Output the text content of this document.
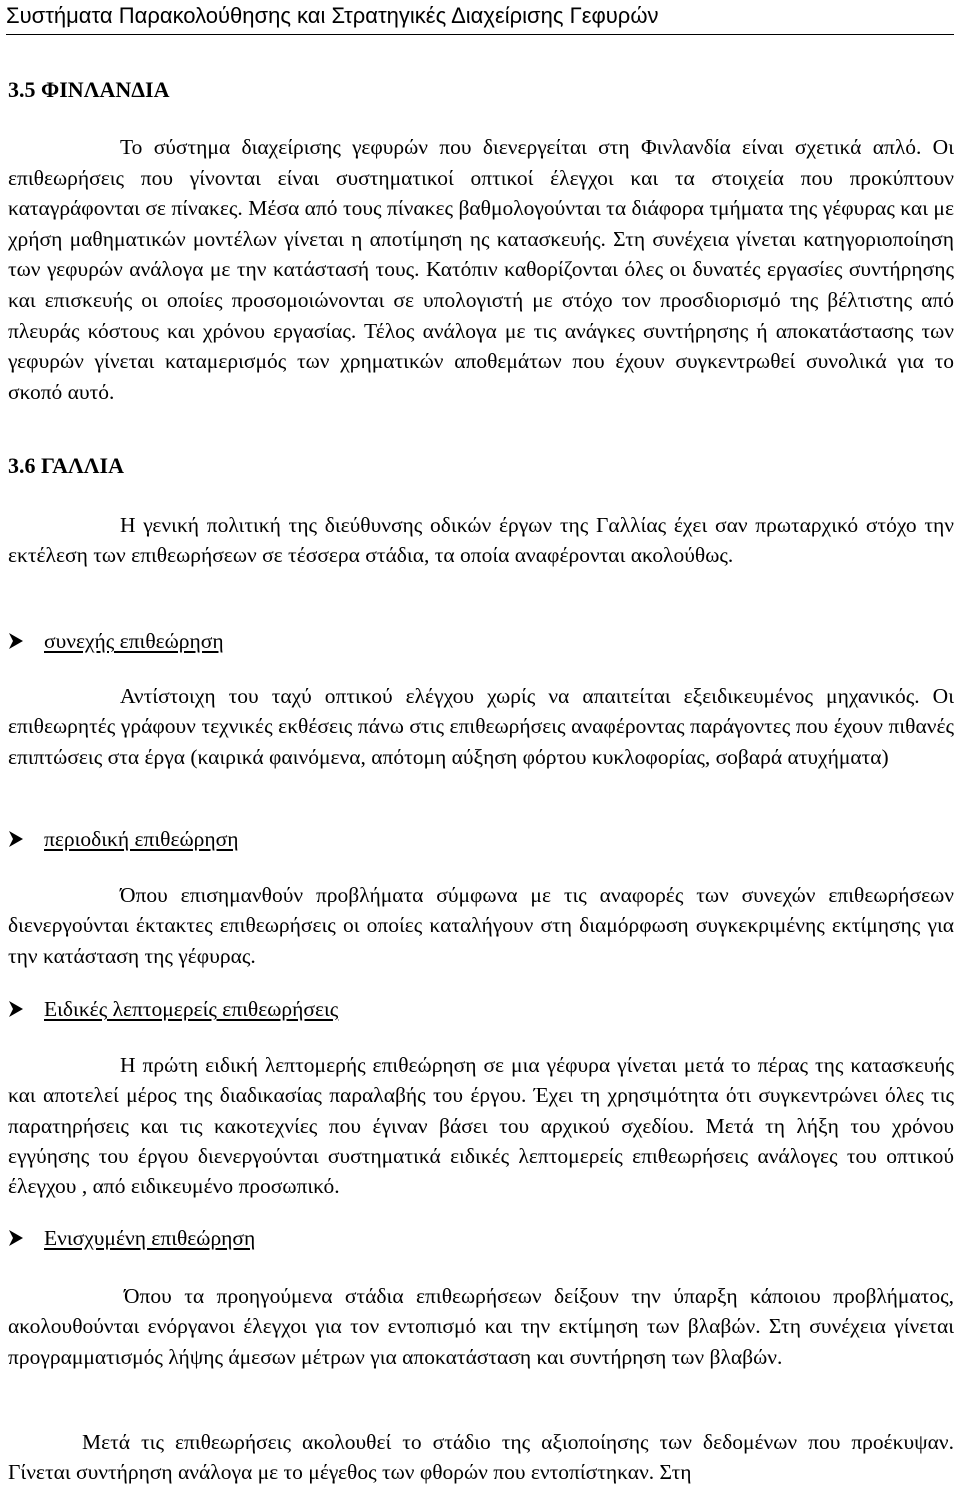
Συστήματα Παρακολούθησης και Στρατηγικές Διαχείρισης Γεφυρών
3.5 ΦΙΝΛΑΝΔΙΑ
Το σύστημα διαχείρισης γεφυρών που διενεργείται στη Φινλανδία είναι σχετικά απλό. Οι επιθεωρήσεις που γίνονται είναι συστηματικοί οπτικοί έλεγχοι και τα στοιχεία που προκύπτουν καταγράφονται σε πίνακες. Μέσα από τους πίνακες βαθμολογούνται τα διάφορα τμήματα της γέφυρας και με χρήση μαθηματικών μοντέλων γίνεται η αποτίμηση ης κατασκευής. Στη συνέχεια γίνεται κατηγοριοποίηση των γεφυρών ανάλογα με την κατάστασή τους. Κατόπιν καθορίζονται όλες οι δυνατές εργασίες συντήρησης και επισκευής οι οποίες προσομοιώνονται σε υπολογιστή με στόχο τον προσδιορισμό της βέλτιστης από πλευράς κόστους και χρόνου εργασίας. Τέλος ανάλογα με τις ανάγκες συντήρησης ή αποκατάστασης των γεφυρών γίνεται καταμερισμός των χρηματικών αποθεμάτων που έχουν συγκεντρωθεί συνολικά για το σκοπό αυτό.
3.6 ΓΑΛΛΙΑ
Η γενική πολιτική της διεύθυνσης οδικών έργων της Γαλλίας έχει σαν πρωταρχικό στόχο την εκτέλεση των επιθεωρήσεων σε τέσσερα στάδια, τα οποία αναφέρονται ακολούθως.
συνεχής επιθεώρηση
Αντίστοιχη του ταχύ οπτικού ελέγχου χωρίς να απαιτείται εξειδικευμένος μηχανικός. Οι επιθεωρητές γράφουν τεχνικές εκθέσεις πάνω στις επιθεωρήσεις αναφέροντας παράγοντες που έχουν πιθανές επιπτώσεις στα έργα (καιρικά φαινόμενα, απότομη αύξηση φόρτου κυκλοφορίας, σοβαρά ατυχήματα)
περιοδική επιθεώρηση
Όπου επισημανθούν προβλήματα σύμφωνα με τις αναφορές των συνεχών επιθεωρήσεων διενεργούνται έκτακτες επιθεωρήσεις οι οποίες καταλήγουν στη διαμόρφωση συγκεκριμένης εκτίμησης για την κατάσταση της γέφυρας.
Ειδικές λεπτομερείς επιθεωρήσεις
Η πρώτη ειδική λεπτομερής επιθεώρηση σε μια γέφυρα γίνεται μετά το πέρας της κατασκευής και αποτελεί μέρος της διαδικασίας παραλαβής του έργου. Έχει τη χρησιμότητα ότι συγκεντρώνει όλες τις παρατηρήσεις και τις κακοτεχνίες που έγιναν βάσει του αρχικού σχεδίου. Μετά τη λήξη του χρόνου εγγύησης του έργου διενεργούνται συστηματικά ειδικές λεπτομερείς επιθεωρήσεις ανάλογες του οπτικού έλεγχου , από ειδικευμένο προσωπικό.
Ενισχυμένη επιθεώρηση
Όπου τα προηγούμενα στάδια επιθεωρήσεων δείξουν την ύπαρξη κάποιου προβλήματος, ακολουθούνται ενόργανοι έλεγχοι για τον εντοπισμό και την εκτίμηση των βλαβών. Στη συνέχεια γίνεται προγραμματισμός λήψης άμεσων μέτρων για αποκατάσταση και συντήρηση των βλαβών.
Μετά τις επιθεωρήσεις ακολουθεί το στάδιο της αξιοποίησης των δεδομένων που προέκυψαν. Γίνεται συντήρηση ανάλογα με το μέγεθος των φθορών που εντοπίστηκαν. Στη
